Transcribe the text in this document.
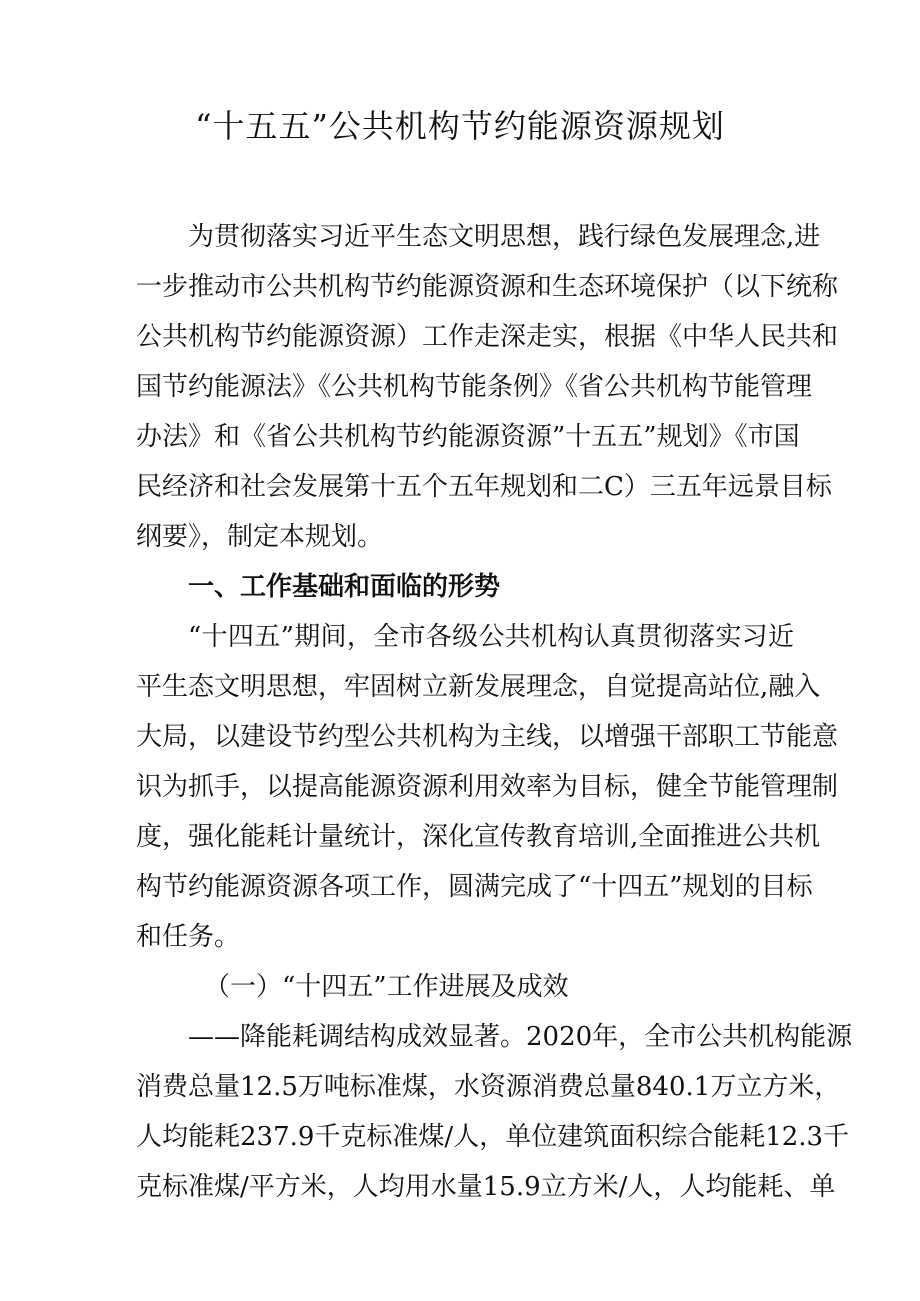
“十五五”公共机构节约能源资源规划
为贯彻落实习近平生态文明思想，践行绿色发展理念,进
一步推动市公共机构节约能源资源和生态环境保护（以下统称
公共机构节约能源资源）工作走深走实，根据《中华人民共和
国节约能源法》《公共机构节能条例》《省公共机构节能管理
办法》和《省公共机构节约能源资源”十五五”规划》《市国
民经济和社会发展第十五个五年规划和二C）三五年远景目标
纲要》，制定本规划。
一、工作基础和面临的形势
“十四五”期间，全市各级公共机构认真贯彻落实习近
平生态文明思想，牢固树立新发展理念，自觉提高站位,融入
大局，以建设节约型公共机构为主线，以增强干部职工节能意
识为抓手，以提高能源资源利用效率为目标，健全节能管理制
度，强化能耗计量统计，深化宣传教育培训,全面推进公共机
构节约能源资源各项工作，圆满完成了“十四五”规划的目标
和任务。
（一）“十四五”工作进展及成效
——降能耗调结构成效显著。2020年，全市公共机构能源
消费总量12.5万吨标准煤，水资源消费总量840.1万立方米，
人均能耗237.9千克标准煤/人，单位建筑面积综合能耗12.3千
克标准煤/平方米，人均用水量15.9立方米/人，人均能耗、单
